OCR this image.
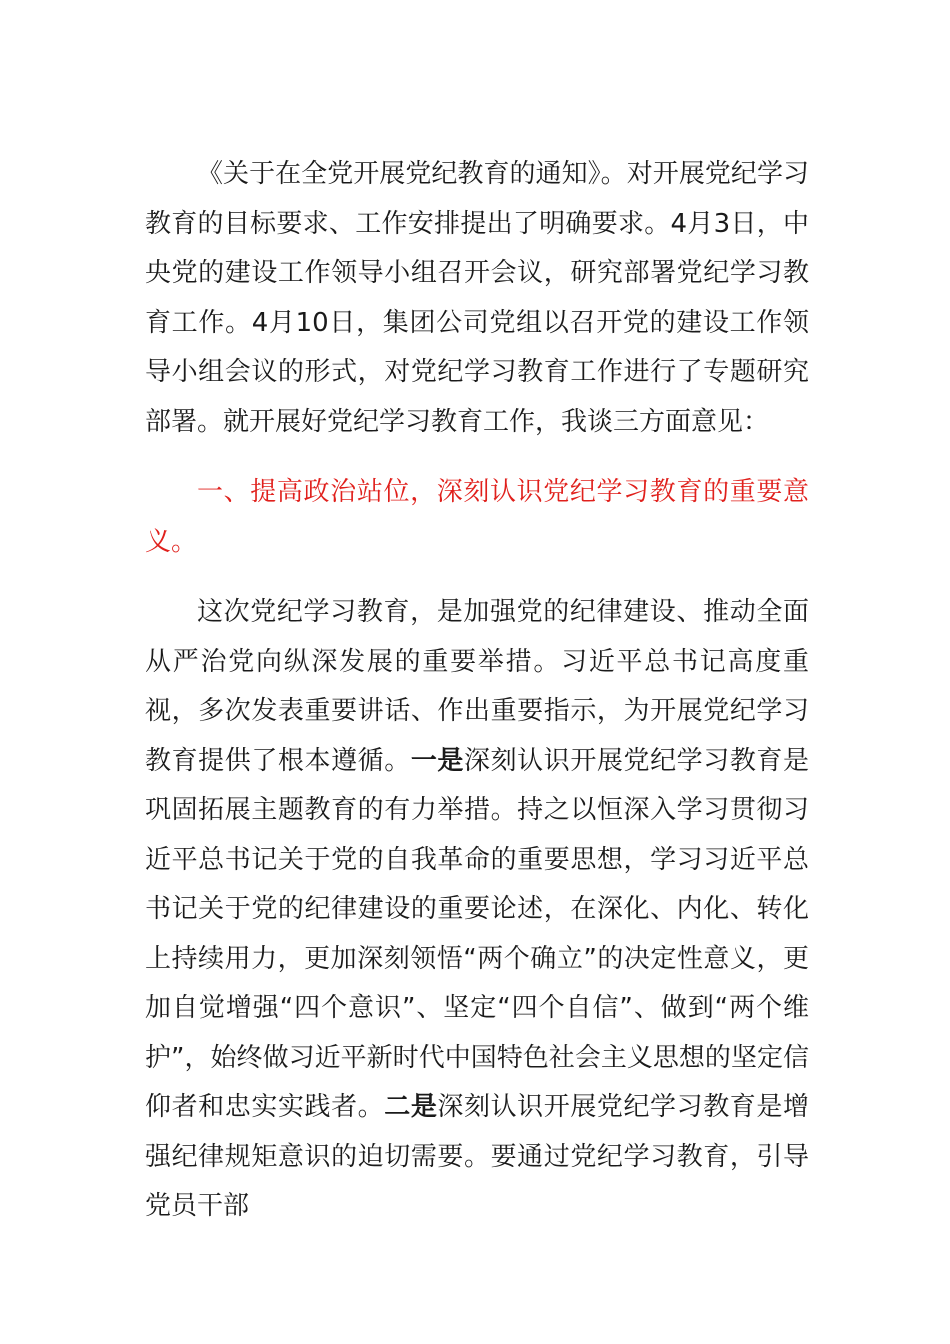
《关于在全党开展党纪教育的通知》。对开展党纪学习教育的目标要求、工作安排提出了明确要求。4月3日，中央党的建设工作领导小组召开会议，研究部署党纪学习教育工作。4月10日，集团公司党组以召开党的建设工作领导小组会议的形式，对党纪学习教育工作进行了专题研究部署。就开展好党纪学习教育工作，我谈三方面意见：

一、提高政治站位，深刻认识党纪学习教育的重要意义。

这次党纪学习教育，是加强党的纪律建设、推动全面从严治党向纵深发展的重要举措。习近平总书记高度重视，多次发表重要讲话、作出重要指示，为开展党纪学习教育提供了根本遵循。一是深刻认识开展党纪学习教育是巩固拓展主题教育的有力举措。持之以恒深入学习贯彻习近平总书记关于党的自我革命的重要思想，学习习近平总书记关于党的纪律建设的重要论述，在深化、内化、转化上持续用力，更加深刻领悟“两个确立”的决定性意义，更加自觉增强“四个意识”、坚定“四个自信”、做到“两个维护”，始终做习近平新时代中国特色社会主义思想的坚定信仰者和忠实实践者。二是深刻认识开展党纪学习教育是增强纪律规矩意识的迫切需要。要通过党纪学习教育，引导党员干部
